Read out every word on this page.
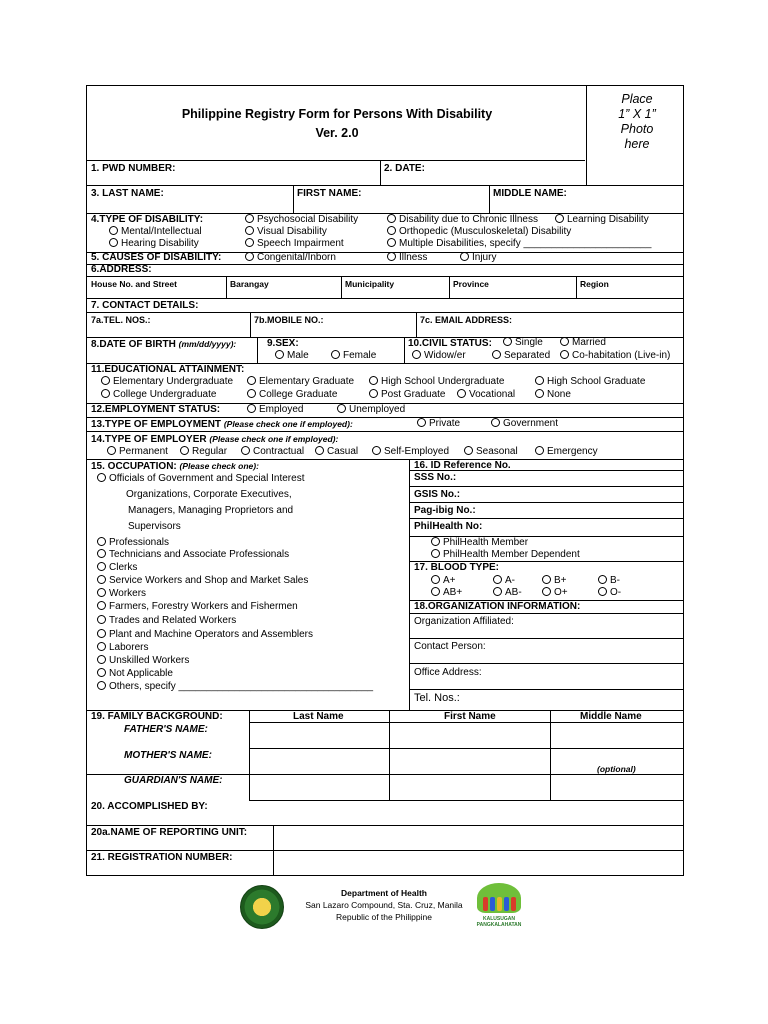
Philippine Registry Form for Persons With Disability
Ver. 2.0
Place
1” X 1”
Photo
here
1. PWD NUMBER:	2. DATE:
3. LAST NAME:	FIRST NAME:	MIDDLE NAME:
4.TYPE OF DISABILITY:	Psychosocial Disability	Disability due to Chronic Illness	Learning Disability
Mental/Intellectual	Visual Disability	Orthopedic (Musculoskeletal) Disability
Hearing Disability	Speech Impairment	Multiple Disabilities, specify _______________________
5. CAUSES OF DISABILITY:	Congenital/Inborn	Illness	Injury
6.ADDRESS:
House No. and Street	Barangay	Municipality	Province	Region
7. CONTACT DETAILS:
7a.TEL. NOS.:	7b.MOBILE NO.:	7c. EMAIL ADDRESS:
8.DATE OF BIRTH (mm/dd/yyyy):	9.SEX:
Male	Female
10.CIVIL STATUS:	Single	Married
Widow/er	Separated	Co-habitation (Live-in)
11.EDUCATIONAL ATTAINMENT:
Elementary Undergraduate	Elementary Graduate	High School Undergraduate	High School Graduate
College Undergraduate	College Graduate	Post Graduate	Vocational	None
12.EMPLOYMENT STATUS:	Employed	Unemployed
13.TYPE OF EMPLOYMENT (Please check one if employed):	Private	Government
14.TYPE OF EMPLOYER (Please check one if employed):
Permanent	Regular	Contractual	Casual	Self-Employed	Seasonal	Emergency
15. OCCUPATION: (Please check one):
Officials of Government and Special Interest
Organizations, Corporate Executives,
Managers, Managing Proprietors and
Supervisors
Professionals
Technicians and Associate Professionals
Clerks
Service Workers and Shop and Market Sales
Workers
Farmers, Forestry Workers and Fishermen
Trades and Related Workers
Plant and Machine Operators and Assemblers
Laborers
Unskilled Workers
Not Applicable
Others, specify ___________________________________
16. ID Reference No.
SSS No.:
GSIS No.:
Pag-ibig No.:
PhilHealth No:
PhilHealth Member
PhilHealth Member Dependent
17. BLOOD TYPE:
A+	A-	B+	B-
AB+	AB-	O+	O-
18.ORGANIZATION INFORMATION:
Organization Affiliated:
Contact Person:
Office Address:
Tel. Nos.:
19. FAMILY BACKGROUND:	Last Name	First Name	Middle Name
FATHER'S NAME:
MOTHER'S NAME:
(optional)
GUARDIAN'S NAME:
20. ACCOMPLISHED BY:
20a.NAME OF REPORTING UNIT:
21. REGISTRATION NUMBER:
Department of Health
San Lazaro Compound, Sta. Cruz, Manila
Republic of the Philippine	KALUSUGAN PANGKALAHATAN
